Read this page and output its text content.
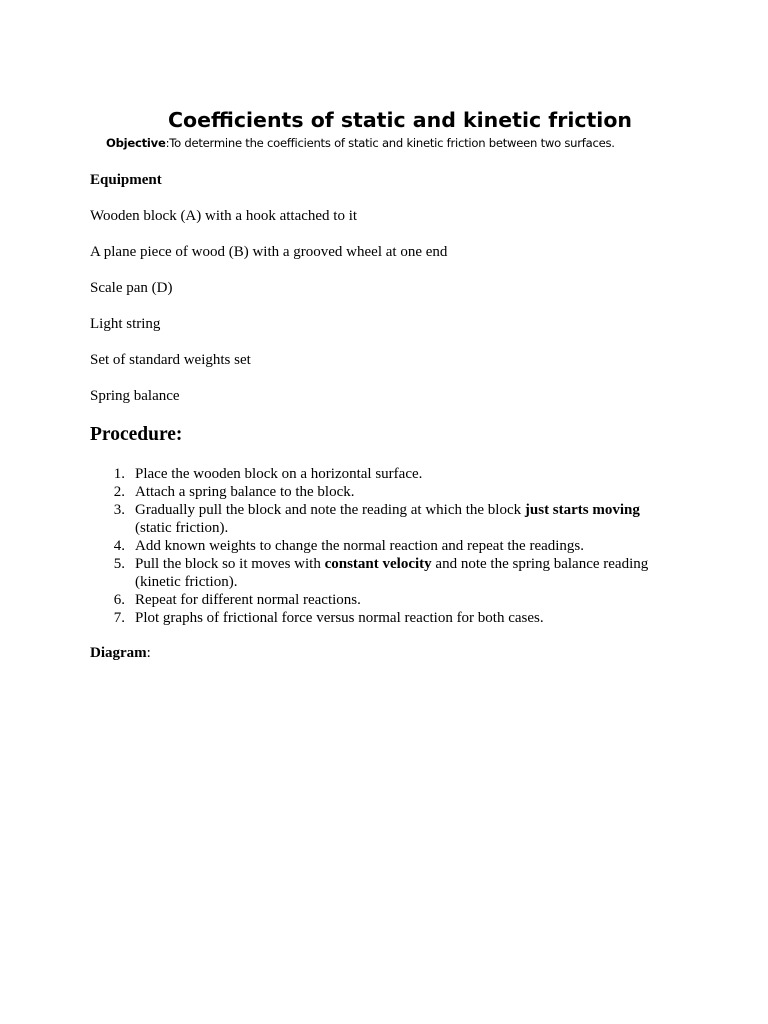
Coefficients of static and kinetic friction

Objective:To determine the coefficients of static and kinetic friction between two surfaces.

Equipment

Wooden block (A) with a hook attached to it

A plane piece of wood (B) with a grooved wheel at one end

Scale pan (D)

Light string

Set of standard weights set

Spring balance

Procedure:
1. Place the wooden block on a horizontal surface.
2. Attach a spring balance to the block.
3. Gradually pull the block and note the reading at which the block just starts moving (static friction).
4. Add known weights to change the normal reaction and repeat the readings.
5. Pull the block so it moves with constant velocity and note the spring balance reading (kinetic friction).
6. Repeat for different normal reactions.
7. Plot graphs of frictional force versus normal reaction for both cases.

Diagram:
